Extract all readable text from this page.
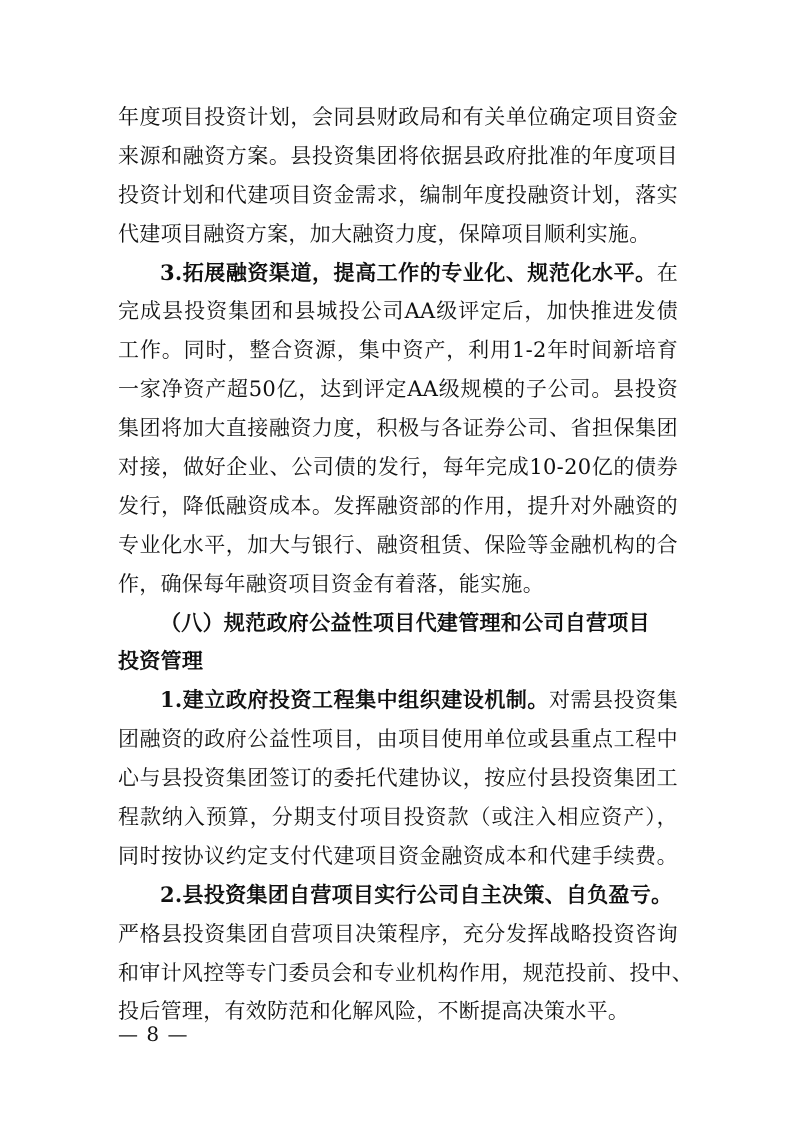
年度项目投资计划，会同县财政局和有关单位确定项目资金
来源和融资方案。县投资集团将依据县政府批准的年度项目
投资计划和代建项目资金需求，编制年度投融资计划，落实
代建项目融资方案，加大融资力度，保障项目顺利实施。
3.拓展融资渠道，提高工作的专业化、规范化水平。在
完成县投资集团和县城投公司AA级评定后，加快推进发债
工作。同时，整合资源，集中资产，利用1-2年时间新培育
一家净资产超50亿，达到评定AA级规模的子公司。县投资
集团将加大直接融资力度，积极与各证券公司、省担保集团
对接，做好企业、公司债的发行，每年完成10-20亿的债券
发行，降低融资成本。发挥融资部的作用，提升对外融资的
专业化水平，加大与银行、融资租赁、保险等金融机构的合
作，确保每年融资项目资金有着落，能实施。
（八）规范政府公益性项目代建管理和公司自营项目
投资管理
1.建立政府投资工程集中组织建设机制。对需县投资集
团融资的政府公益性项目，由项目使用单位或县重点工程中
心与县投资集团签订的委托代建协议，按应付县投资集团工
程款纳入预算，分期支付项目投资款（或注入相应资产），
同时按协议约定支付代建项目资金融资成本和代建手续费。
2.县投资集团自营项目实行公司自主决策、自负盈亏。
严格县投资集团自营项目决策程序，充分发挥战略投资咨询
和审计风控等专门委员会和专业机构作用，规范投前、投中、
投后管理，有效防范和化解风险，不断提高决策水平。
— 8 —
